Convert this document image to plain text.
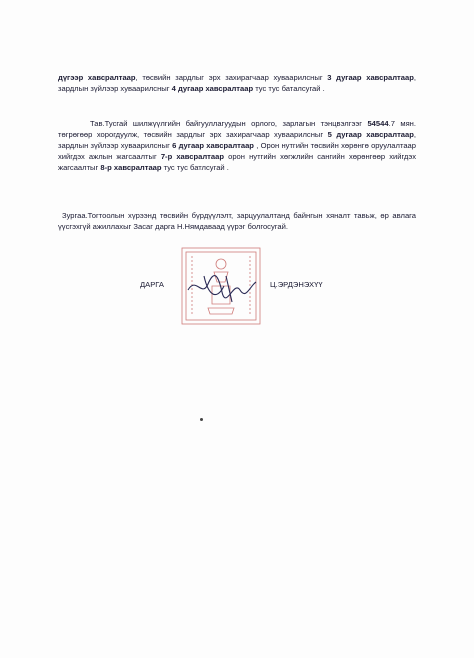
дүгээр хавсралтаар, төсвийн зардлыг эрх захирагчаар хуваарилсныг 3 дугаар хавсралтаар, зардлын зүйлээр хуваарилсныг 4 дугаар хавсралтаар тус тус баталсугай .
Тав.Тусгай шилжүүлгийн байгууллагуудын орлого, зарлагын тэнцвэлгээг 54544.7 мян. төгрөгөөр хорогдуулж, төсвийн зардлыг эрх захирагчаар хуваарилсныг 5 дугаар хавсралтаар, зардлын зүйлээр хуваарилсныг 6 дугаар хавсралтаар , Орон нутгийн төсвийн хөрөнгө оруулалтаар хийгдэх ажлын жагсаалтыг 7-р хавсралтаар орон нутгийн хөгжлийн сангийн хөрөнгөөр хийгдэх жагсаалтыг 8-р хавсралтаар тус тус батлсугай .
Зургаа.Тогтоолын хүрээнд төсвийн бүрдүүлэлт, зарцуулалтанд байнгын хяналт тавьж, өр авлага үүсгэхгүй ажиллахыг Засаг дарга Н.Нямдаваад үүрэг болгосугай.
ДАРГА	Ц.ЭРДЭНЭХҮҮ
